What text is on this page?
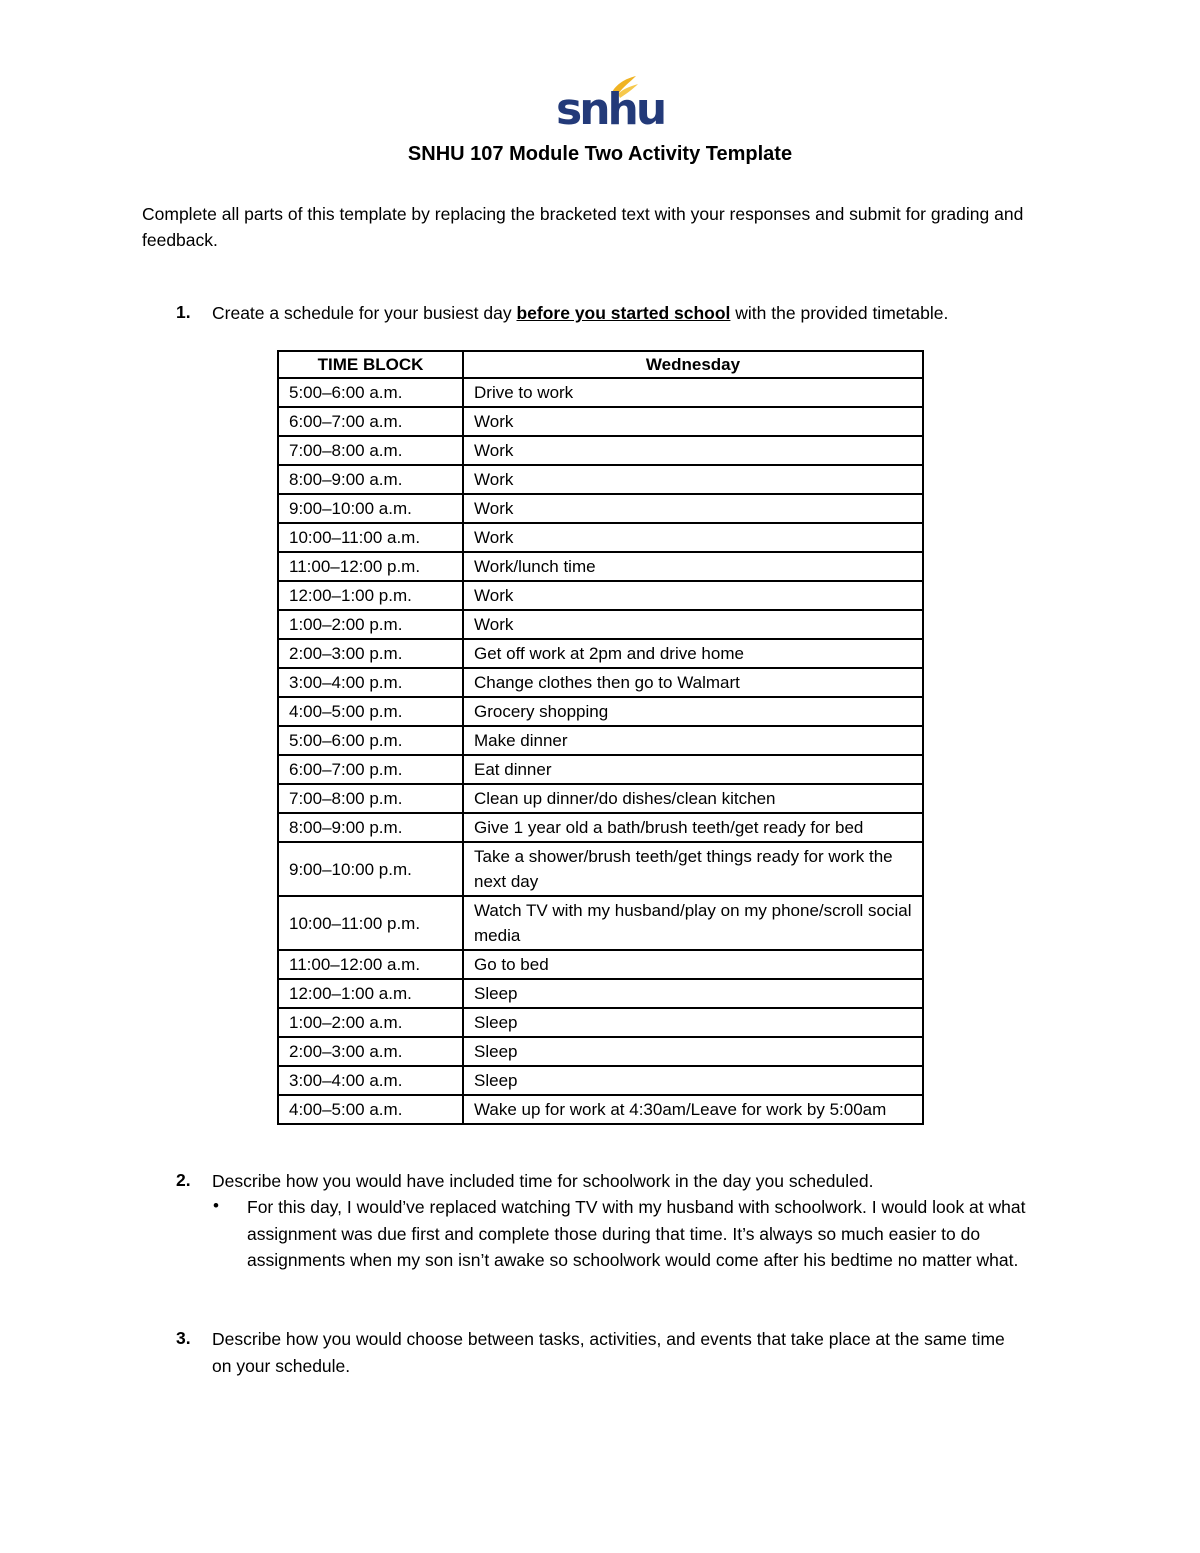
snhu
SNHU 107 Module Two Activity Template
Complete all parts of this template by replacing the bracketed text with your responses and submit for grading and feedback.
1. Create a schedule for your busiest day before you started school with the provided timetable.
TIME BLOCK	Wednesday
5:00–6:00 a.m.	Drive to work
6:00–7:00 a.m.	Work
7:00–8:00 a.m.	Work
8:00–9:00 a.m.	Work
9:00–10:00 a.m.	Work
10:00–11:00 a.m.	Work
11:00–12:00 p.m.	Work/lunch time
12:00–1:00 p.m.	Work
1:00–2:00 p.m.	Work
2:00–3:00 p.m.	Get off work at 2pm and drive home
3:00–4:00 p.m.	Change clothes then go to Walmart
4:00–5:00 p.m.	Grocery shopping
5:00–6:00 p.m.	Make dinner
6:00–7:00 p.m.	Eat dinner
7:00–8:00 p.m.	Clean up dinner/do dishes/clean kitchen
8:00–9:00 p.m.	Give 1 year old a bath/brush teeth/get ready for bed
9:00–10:00 p.m.	Take a shower/brush teeth/get things ready for work the next day
10:00–11:00 p.m.	Watch TV with my husband/play on my phone/scroll social media
11:00–12:00 a.m.	Go to bed
12:00–1:00 a.m.	Sleep
1:00–2:00 a.m.	Sleep
2:00–3:00 a.m.	Sleep
3:00–4:00 a.m.	Sleep
4:00–5:00 a.m.	Wake up for work at 4:30am/Leave for work by 5:00am
2. Describe how you would have included time for schoolwork in the day you scheduled.
• For this day, I would’ve replaced watching TV with my husband with schoolwork. I would look at what assignment was due first and complete those during that time. It’s always so much easier to do assignments when my son isn’t awake so schoolwork would come after his bedtime no matter what.
3. Describe how you would choose between tasks, activities, and events that take place at the same time on your schedule.
